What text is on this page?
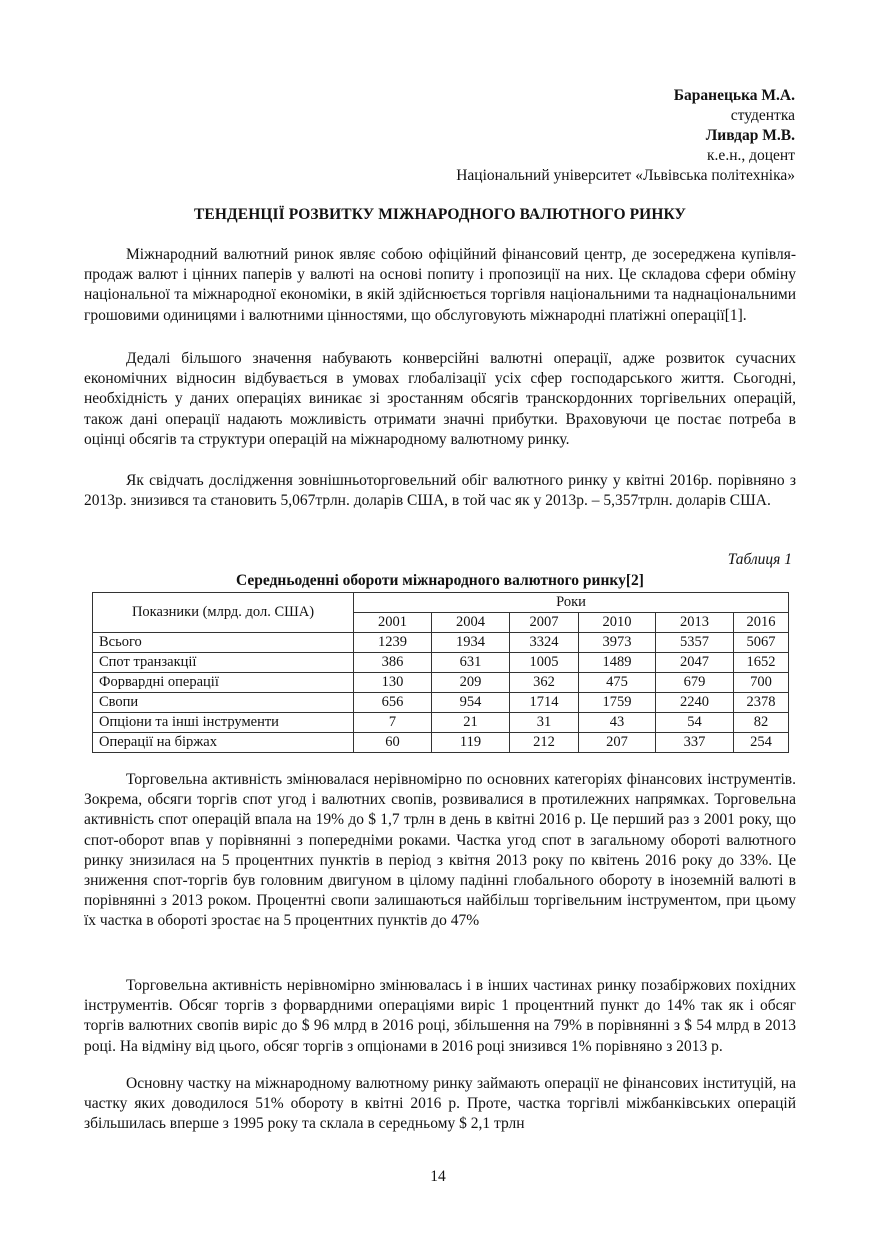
Баранецька М.А.
студентка
Ливдар М.В.
к.е.н., доцент
Національний університет «Львівська політехніка»
ТЕНДЕНЦІЇ РОЗВИТКУ МІЖНАРОДНОГО ВАЛЮТНОГО РИНКУ

Міжнародний валютний ринок являє собою офіційний фінансовий центр, де зосереджена купівля-продаж валют і цінних паперів у валюті на основі попиту і пропозиції на них. Це складова сфери обміну національної та міжнародної економіки, в якій здійснюється торгівля національними та наднаціональними грошовими одиницями і валютними цінностями, що обслуговують міжнародні платіжні операції[1].

Дедалі більшого значення набувають конверсійні валютні операції, адже розвиток сучасних економічних відносин відбувається в умовах глобалізації усіх сфер господарського життя. Сьогодні, необхідність у даних операціях виникає зі зростанням обсягів транскордонних торгівельних операцій, також дані операції надають можливість отримати значні прибутки. Враховуючи це постає потреба в оцінці обсягів та структури операцій на міжнародному валютному ринку.

Як свідчать дослідження зовнішньоторговельний обіг валютного ринку у квітні 2016р. порівняно з 2013р. знизився та становить 5,067трлн. доларів США, в той час як у 2013р. – 5,357трлн. доларів США.

Таблиця 1
Середньоденні обороти міжнародного валютного ринку[2]
Показники (млрд. дол. США)	Роки					
	2001	2004	2007	2010	2013	2016
Всього	1239	1934	3324	3973	5357	5067
Спот транзакції	386	631	1005	1489	2047	1652
Форвардні операції	130	209	362	475	679	700
Свопи	656	954	1714	1759	2240	2378
Опціони та інші інструменти	7	21	31	43	54	82
Операції на біржах	60	119	212	207	337	254

Торговельна активність змінювалася нерівномірно по основних категоріях фінансових інструментів. Зокрема, обсяги торгів спот угод і валютних свопів, розвивалися в протилежних напрямках. Торговельна активність спот операцій впала на 19% до $ 1,7 трлн в день в квітні 2016 р. Це перший раз з 2001 року, що спот-оборот впав у порівнянні з попередніми роками. Частка угод спот в загальному обороті валютного ринку знизилася на 5 процентних пунктів в період з квітня 2013 року по квітень 2016 року до 33%. Це зниження спот-торгів був головним двигуном в цілому падінні глобального обороту в іноземній валюті в порівнянні з 2013 роком. Процентні свопи залишаються найбільш торгівельним інструментом, при цьому їх частка в обороті зростає на 5 процентних пунктів до 47%

Торговельна активність нерівномірно змінювалась і в інших частинах ринку позабіржових похідних інструментів. Обсяг торгів з форвардними операціями виріс 1 процентний пункт до 14% так як і обсяг торгів валютних свопів виріс до $ 96 млрд в 2016 році, збільшення на 79% в порівнянні з $ 54 млрд в 2013 році. На відміну від цього, обсяг торгів з опціонами в 2016 році знизився 1% порівняно з 2013 р.

Основну частку на міжнародному валютному ринку займають операції не фінансових інституцій, на частку яких доводилося 51% обороту в квітні 2016 р. Проте, частка торгівлі міжбанківських операцій збільшилась вперше з 1995 року та склала в середньому $ 2,1 трлн

14
